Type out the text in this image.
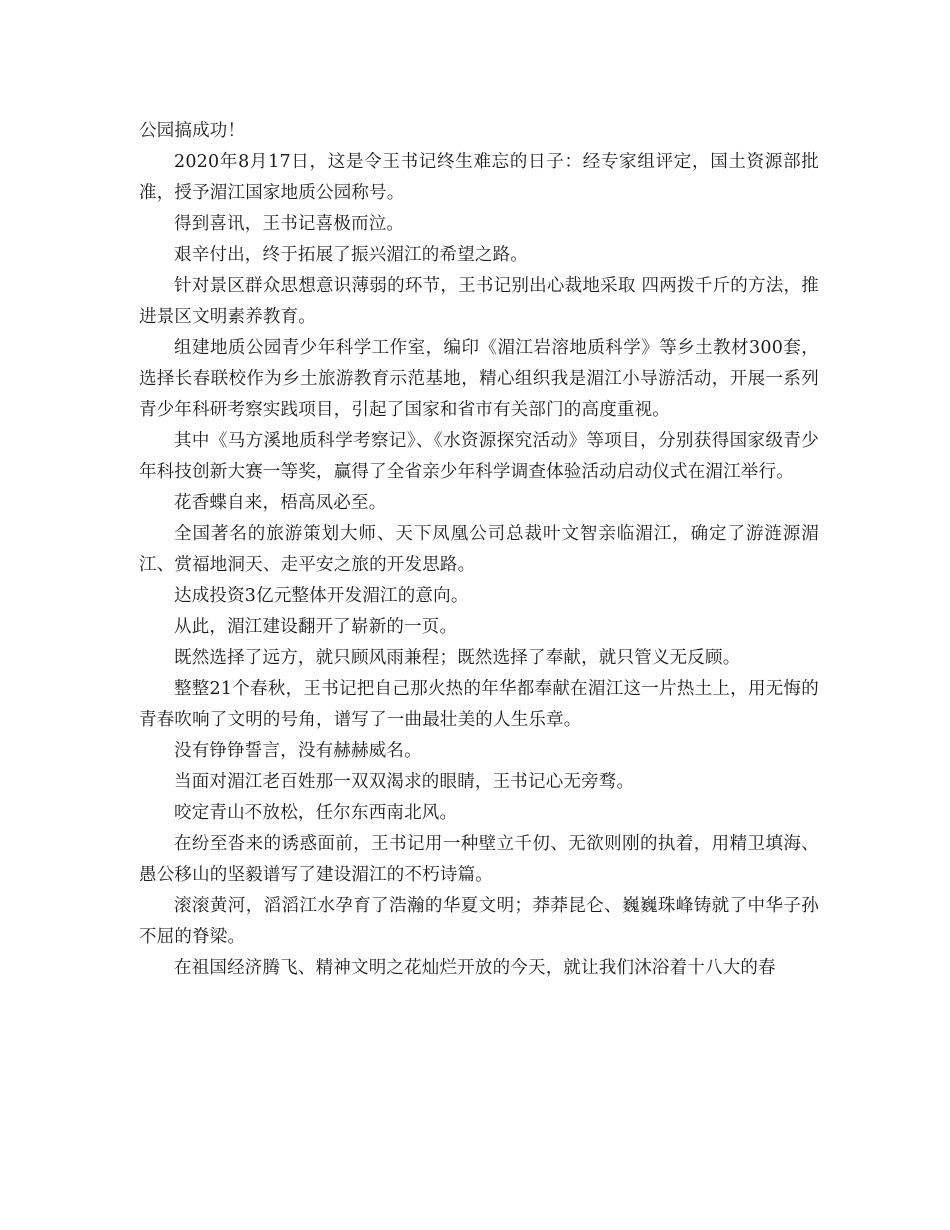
公园搞成功！

2020年8月17日，这是令王书记终生难忘的日子：经专家组评定，国土资源部批准，授予湄江国家地质公园称号。

得到喜讯，王书记喜极而泣。

艰辛付出，终于拓展了振兴湄江的希望之路。

针对景区群众思想意识薄弱的环节，王书记别出心裁地采取 四两拨千斤的方法，推进景区文明素养教育。

组建地质公园青少年科学工作室，编印《湄江岩溶地质科学》等乡土教材300套，选择长春联校作为乡土旅游教育示范基地，精心组织我是湄江小导游活动，开展一系列青少年科研考察实践项目，引起了国家和省市有关部门的高度重视。

其中《马方溪地质科学考察记》、《水资源探究活动》等项目，分别获得国家级青少年科技创新大赛一等奖，赢得了全省亲少年科学调查体验活动启动仪式在湄江举行。

花香蝶自来，梧高凤必至。

全国著名的旅游策划大师、天下凤凰公司总裁叶文智亲临湄江，确定了游涟源湄江、赏福地洞天、走平安之旅的开发思路。

达成投资3亿元整体开发湄江的意向。

从此，湄江建设翻开了崭新的一页。

既然选择了远方，就只顾风雨兼程；既然选择了奉献，就只管义无反顾。

整整21个春秋，王书记把自己那火热的年华都奉献在湄江这一片热土上，用无悔的青春吹响了文明的号角，谱写了一曲最壮美的人生乐章。

没有铮铮誓言，没有赫赫威名。

当面对湄江老百姓那一双双渴求的眼睛，王书记心无旁骛。

咬定青山不放松，任尔东西南北风。

在纷至沓来的诱惑面前，王书记用一种壁立千仞、无欲则刚的执着，用精卫填海、愚公移山的坚毅谱写了建设湄江的不朽诗篇。

滚滚黄河，滔滔江水孕育了浩瀚的华夏文明；莽莽昆仑、巍巍珠峰铸就了中华子孙不屈的脊梁。

在祖国经济腾飞、精神文明之花灿烂开放的今天，就让我们沐浴着十八大的春
